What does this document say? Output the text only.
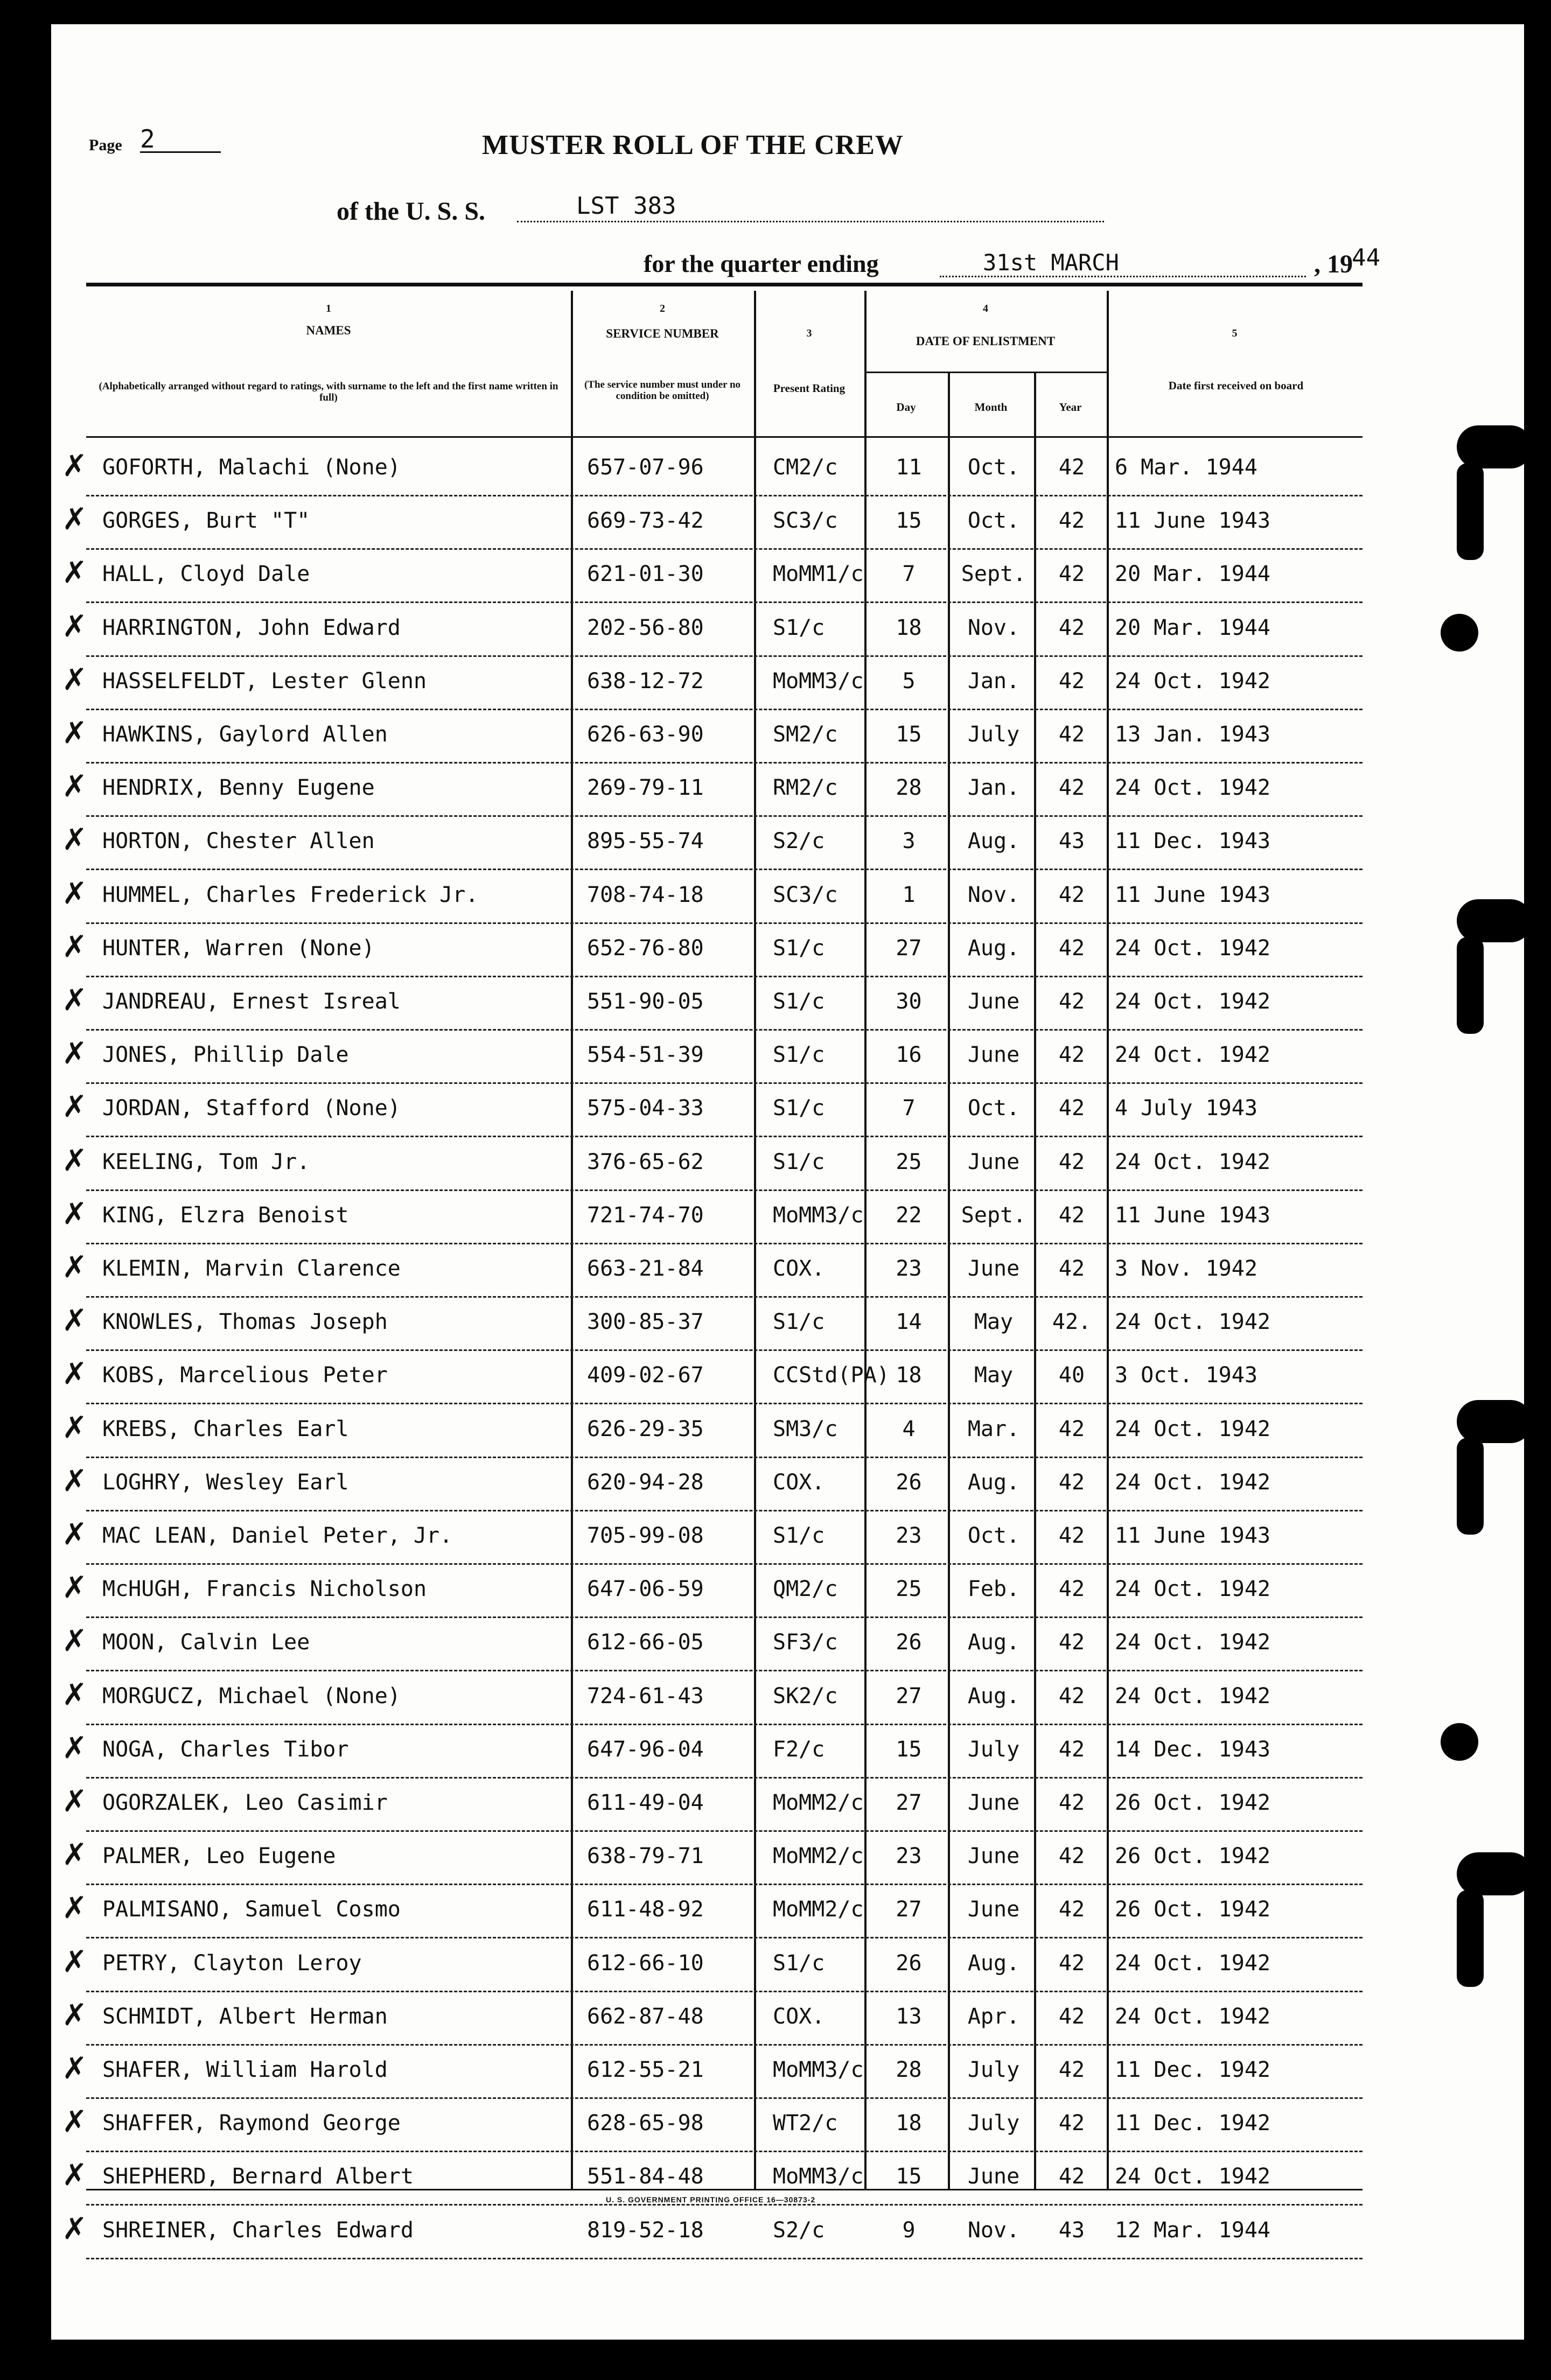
Page 2	MUSTER ROLL OF THE CREW
of the U. S. S.	LST 383
for the quarter ending	31st MARCH	, 19
44
1
NAMES
(Alphabetically arranged without regard to ratings, with surname to the left and the first name written in full)
2
SERVICE NUMBER
(The service number must under no condition be omitted)
3
Present Rating
4
DATE OF ENLISTMENT
Day	Month	Year
5
Date first received on board
✗ GOFORTH, Malachi (None)	657-07-96	CM2/c	11	Oct.	42	6 Mar. 1944
✗ GORGES, Burt "T"	669-73-42	SC3/c	15	Oct.	42	11 June 1943
✗ HALL, Cloyd Dale	621-01-30	MoMM1/c	7	Sept.	42	20 Mar. 1944
✗ HARRINGTON, John Edward	202-56-80	S1/c	18	Nov.	42	20 Mar. 1944
✗ HASSELFELDT, Lester Glenn	638-12-72	MoMM3/c	5	Jan.	42	24 Oct. 1942
✗ HAWKINS, Gaylord Allen	626-63-90	SM2/c	15	July	42	13 Jan. 1943
✗ HENDRIX, Benny Eugene	269-79-11	RM2/c	28	Jan.	42	24 Oct. 1942
✗ HORTON, Chester Allen	895-55-74	S2/c	3	Aug.	43	11 Dec. 1943
✗ HUMMEL, Charles Frederick Jr.	708-74-18	SC3/c	1	Nov.	42	11 June 1943
✗ HUNTER, Warren (None)	652-76-80	S1/c	27	Aug.	42	24 Oct. 1942
✗ JANDREAU, Ernest Isreal	551-90-05	S1/c	30	June	42	24 Oct. 1942
✗ JONES, Phillip Dale	554-51-39	S1/c	16	June	42	24 Oct. 1942
✗ JORDAN, Stafford (None)	575-04-33	S1/c	7	Oct.	42	4 July 1943
✗ KEELING, Tom Jr.	376-65-62	S1/c	25	June	42	24 Oct. 1942
✗ KING, Elzra Benoist	721-74-70	MoMM3/c	22	Sept.	42	11 June 1943
✗ KLEMIN, Marvin Clarence	663-21-84	COX.	23	June	42	3 Nov. 1942
✗ KNOWLES, Thomas Joseph	300-85-37	S1/c	14	May	42.	24 Oct. 1942
✗ KOBS, Marcelious Peter	409-02-67	CCStd(PA) 18	May	40	3 Oct. 1943
✗ KREBS, Charles Earl	626-29-35	SM3/c	4	Mar.	42	24 Oct. 1942
✗ LOGHRY, Wesley Earl	620-94-28	COX.	26	Aug.	42	24 Oct. 1942
✗ MAC LEAN, Daniel Peter, Jr.	705-99-08	S1/c	23	Oct.	42	11 June 1943
✗ McHUGH, Francis Nicholson	647-06-59	QM2/c	25	Feb.	42	24 Oct. 1942
✗ MOON, Calvin Lee	612-66-05	SF3/c	26	Aug.	42	24 Oct. 1942
✗ MORGUCZ, Michael (None)	724-61-43	SK2/c	27	Aug.	42	24 Oct. 1942
✗ NOGA, Charles Tibor	647-96-04	F2/c	15	July	42	14 Dec. 1943
✗ OGORZALEK, Leo Casimir	611-49-04	MoMM2/c	27	June	42	26 Oct. 1942
✗ PALMER, Leo Eugene	638-79-71	MoMM2/c	23	June	42	26 Oct. 1942
✗ PALMISANO, Samuel Cosmo	611-48-92	MoMM2/c	27	June	42	26 Oct. 1942
✗ PETRY, Clayton Leroy	612-66-10	S1/c	26	Aug.	42	24 Oct. 1942
✗ SCHMIDT, Albert Herman	662-87-48	COX.	13	Apr.	42	24 Oct. 1942
✗ SHAFER, William Harold	612-55-21	MoMM3/c	28	July	42	11 Dec. 1942
✗ SHAFFER, Raymond George	628-65-98	WT2/c	18	July	42	11 Dec. 1942
✗ SHEPHERD, Bernard Albert	551-84-48	MoMM3/c	15	June	42	24 Oct. 1942
✗ SHREINER, Charles Edward	819-52-18	S2/c	9	Nov.	43	12 Mar. 1944
U. S. GOVERNMENT PRINTING OFFICE 16—30873-2
